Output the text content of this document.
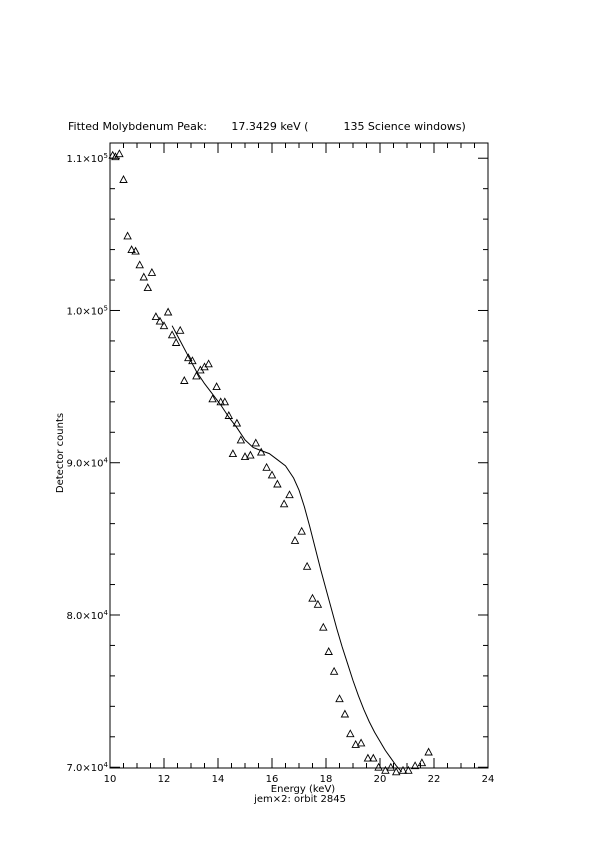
Fitted Molybdenum Peak:       17.3429 keV (          135 Science windows)
10	12	14	16	18	20	22	24
$7.0\times 10^4$
$8.0\times 10^4$
$9.0\times 10^4$
$1.0\times 10^5$
$1.1\times 10^5$
Energy (keV)
jem×2: orbit 2845
Detector counts
